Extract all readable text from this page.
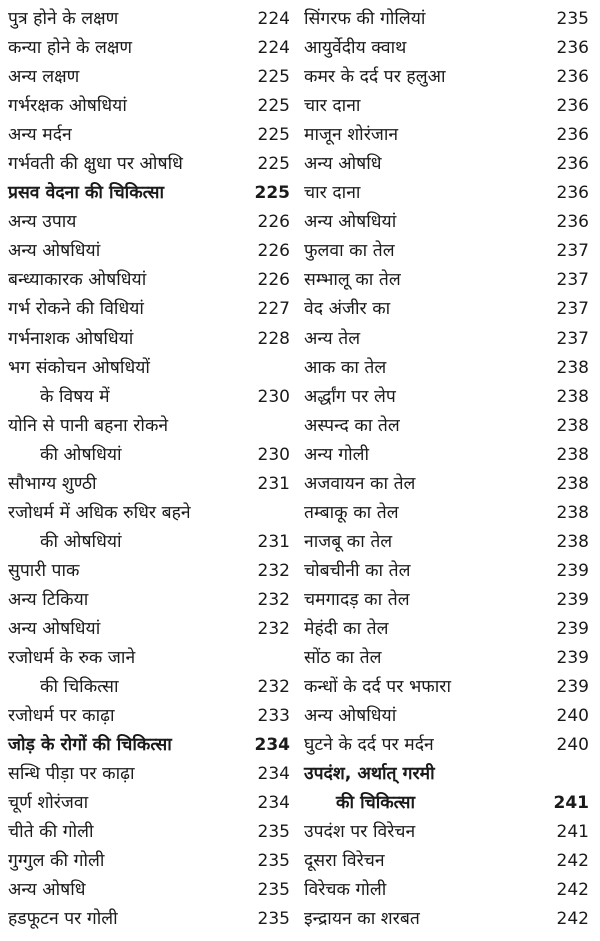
पुत्र होने के लक्षण	224
कन्या होने के लक्षण	224
अन्य लक्षण	225
गर्भरक्षक ओषधियां	225
अन्य मर्दन	225
गर्भवती की क्षुधा पर ओषधि	225
प्रसव वेदना की चिकित्सा	225
अन्य उपाय	226
अन्य ओषधियां	226
बन्ध्याकारक ओषधियां	226
गर्भ रोकने की विधियां	227
गर्भनाशक ओषधियां	228
भग संकोचन ओषधियों
के विषय में	230
योनि से पानी बहना रोकने
की ओषधियां	230
सौभाग्य शुण्ठी	231
रजोधर्म में अधिक रुधिर बहने
की ओषधियां	231
सुपारी पाक	232
अन्य टिकिया	232
अन्य ओषधियां	232
रजोधर्म के रुक जाने
की चिकित्सा	232
रजोधर्म पर काढ़ा	233
जोड़ के रोगों की चिकित्सा	234
सन्धि पीड़ा पर काढ़ा	234
चूर्ण शोरंजवा	234
चीते की गोली	235
गुग्गुल की गोली	235
अन्य ओषधि	235
हडफूटन पर गोली	235
सिंगरफ की गोलियां	235
आयुर्वेदीय क्वाथ	236
कमर के दर्द पर हलुआ	236
चार दाना	236
माजून शोरंजान	236
अन्य ओषधि	236
चार दाना	236
अन्य ओषधियां	236
फुलवा का तेल	237
सम्भालू का तेल	237
वेद अंजीर का	237
अन्य तेल	237
आक का तेल	238
अर्द्धांग पर लेप	238
अस्पन्द का तेल	238
अन्य गोली	238
अजवायन का तेल	238
तम्बाकू का तेल	238
नाजबू का तेल	238
चोबचीनी का तेल	239
चमगादड़ का तेल	239
मेहंदी का तेल	239
सोंठ का तेल	239
कन्धों के दर्द पर भफारा	239
अन्य ओषधियां	240
घुटने के दर्द पर मर्दन	240
उपदंश, अर्थात् गरमी
की चिकित्सा	241
उपदंश पर विरेचन	241
दूसरा विरेचन	242
विरेचक गोली	242
इन्द्रायन का शरबत	242
